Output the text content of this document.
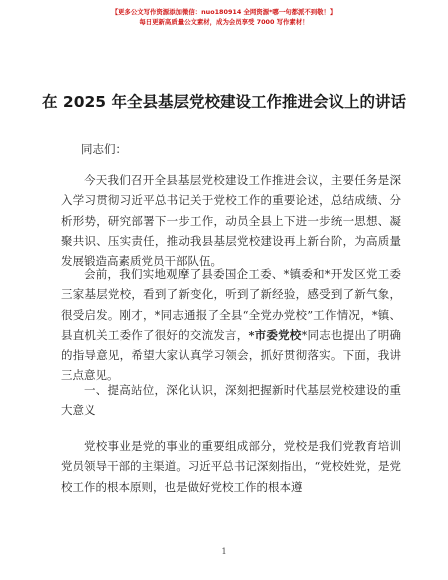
【更多公文写作资源添加微信：nuo180914 全网资源*哪一句都派不到敬！】
每日更新高质量公文素材，成为会员享受 7000 写作素材！
在 2025 年全县基层党校建设工作推进会议上的讲话
同志们：

今天我们召开全县基层党校建设工作推进会议，主要任务是深入学习贯彻习近平总书记关于党校工作的重要论述，总结成绩、分析形势，研究部署下一步工作，动员全县上下进一步统一思想、凝聚共识、压实责任，推动我县基层党校建设再上新台阶，为高质量发展锻造高素质党员干部队伍。

会前，我们实地观摩了县委国企工委、*镇委和*开发区党工委三家基层党校，看到了新变化，听到了新经验，感受到了新气象，很受启发。刚才，*同志通报了全县“全党办党校”工作情况，*镇、县直机关工委作了很好的交流发言，*市委党校*同志也提出了明确的指导意见，希望大家认真学习领会，抓好贯彻落实。下面，我讲三点意见。

一、提高站位，深化认识，深刻把握新时代基层党校建设的重大意义

党校事业是党的事业的重要组成部分，党校是我们党教育培训党员领导干部的主渠道。习近平总书记深刻指出，“党校姓党，是党校工作的根本原则，也是做好党校工作的根本遵

1
